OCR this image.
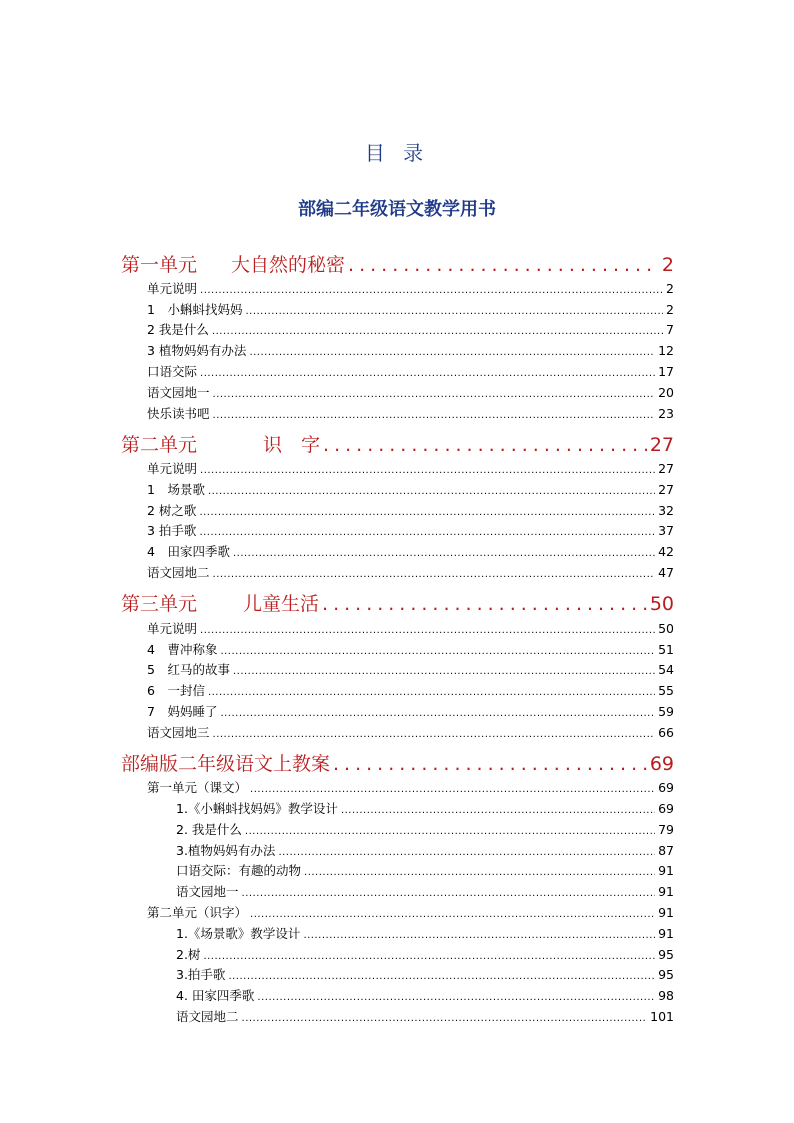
目 录
部编二年级语文教学用书
第一单元 大自然的秘密 .....	2
单元说明 .....	2
1　小蝌蚪找妈妈 .....	2
2 我是什么 .....	7
3 植物妈妈有办法 .....	12
口语交际 .....	17
语文园地一 .....	20
快乐读书吧 .....	23
第二单元	识　字 .....	27
单元说明 .....	27
1　场景歌 .....	27
2 树之歌 .....	32
3 拍手歌 .....	37
4　田家四季歌 .....	42
语文园地二 .....	47
第三单元 儿童生活 .....	50
单元说明 .....	50
4　曹冲称象 .....	51
5　红马的故事 .....	54
6　一封信 .....	55
7　妈妈睡了 .....	59
语文园地三 .....	66
部编版二年级语文上教案 .....	69
第一单元（课文） .....	69
1.《小蝌蚪找妈妈》教学设计 .....	69
2. 我是什么 .....	79
3.植物妈妈有办法 .....	87
口语交际：有趣的动物 .....	91
语文园地一 .....	91
第二单元（识字） .....	91
1.《场景歌》教学设计 .....	91
2.树 .....	95
3.拍手歌 .....	95
4. 田家四季歌 .....	98
语文园地二 .....	101
